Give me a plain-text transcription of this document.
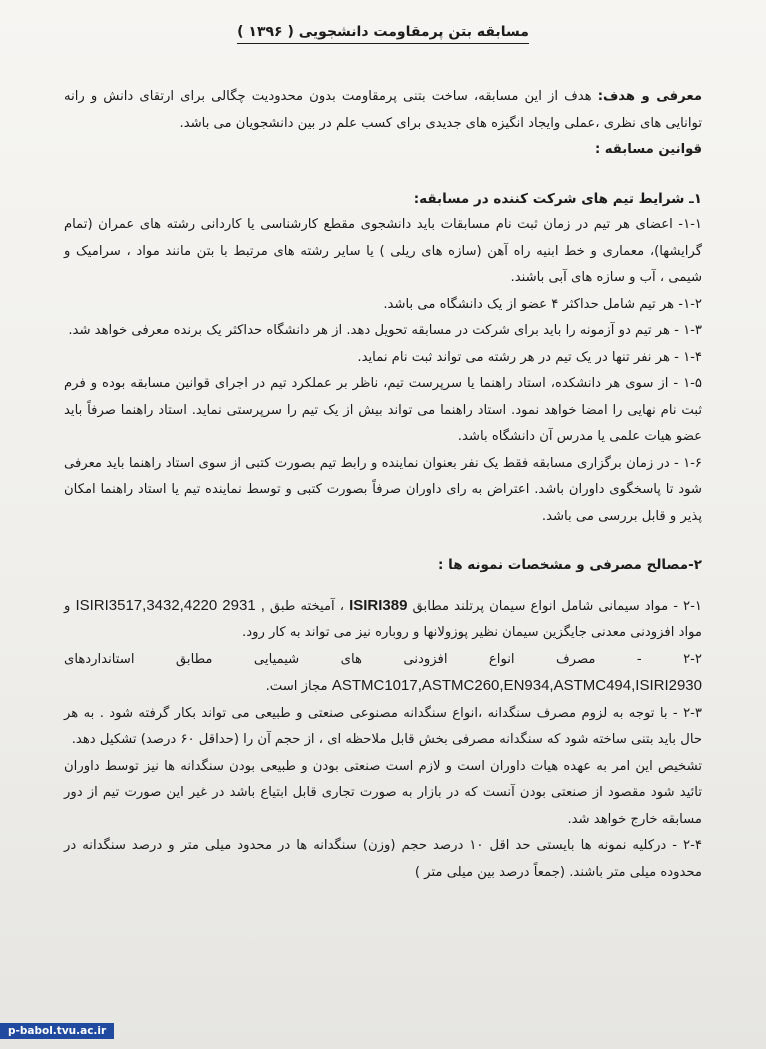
مسابقه بتن پرمقاومت دانشجویی ( ۱۳۹۶ )

معرفی و هدف: هدف از این مسابقه، ساخت بتنی پرمقاومت بدون محدودیت چگالی برای ارتقای دانش و رانه توانایی های نظری ،عملی وایجاد انگیزه های جدیدی برای کسب علم در بین دانشجویان می باشد.

قوانین مسابقه :

۱ـ شرایط تیم های شرکت کننده در مسابقه:

۱-۱- اعضای هر تیم در زمان ثبت نام مسابقات باید دانشجوی مقطع کارشناسی یا کاردانی رشته های عمران (تمام گرایشها)، معماری و خط ابنیه راه آهن (سازه های ریلی ) یا سایر رشته های مرتبط با بتن مانند مواد ، سرامیک و شیمی ، آب و سازه های آبی باشند.

۱-۲- هر تیم شامل حداکثر ۴ عضو از یک دانشگاه می باشد.

۱-۳ - هر تیم دو آزمونه را باید برای شرکت در مسابقه تحویل دهد. از هر دانشگاه حداکثر یک برنده معرفی خواهد شد.

۱-۴ - هر نفر تنها در یک تیم در هر رشته می تواند ثبت نام نماید.

۱-۵ - از سوی هر دانشکده، استاد راهنما یا سرپرست تیم، ناظر بر عملکرد تیم در اجرای قوانین مسابقه بوده و فرم ثبت نام نهایی را امضا خواهد نمود. استاد راهنما می تواند بیش از یک تیم را سرپرستی نماید. استاد راهنما صرفاً باید عضو هیات علمی یا مدرس آن دانشگاه باشد.

۱-۶ - در زمان برگزاری مسابقه فقط یک نفر بعنوان نماینده و رابط تیم بصورت کتبی از سوی استاد راهنما باید معرفی شود تا پاسخگوی داوران باشد. اعتراض به رای داوران صرفاً بصورت کتبی و توسط نماینده تیم یا استاد راهنما امکان پذیر و قابل بررسی می باشد.

۲-مصالح مصرفی و مشخصات نمونه ها :

۲-۱ - مواد سیمانی شامل انواع سیمان پرتلند مطابق ISIRI389 ، آمیخته طبق 2931 , ISIRI3517,3432,4220 و مواد افزودنی معدنی جایگزین سیمان نظیر پوزولانها و روباره نیز می تواند به کار رود.

۲-۲ - مصرف انواع افزودنی های شیمیایی مطابق استانداردهای ASTMC1017,ASTMC260,EN934,ASTMC494,ISIRI2930 مجاز است.

۲-۳ - با توجه به لزوم مصرف سنگدانه ،انواع سنگدانه مصنوعی صنعتی و طبیعی می تواند بکار گرفته شود . به هر حال باید بتنی ساخته شود که سنگدانه مصرفی بخش قابل ملاحظه ای ، از حجم آن را (حداقل ۶۰ درصد) تشکیل دهد.

تشخیص این امر به عهده هیات داوران است و لازم است صنعتی بودن و طبیعی بودن سنگدانه ها نیز توسط داوران تائید شود مقصود از صنعتی بودن آنست که در بازار به صورت تجاری قابل ابتیاع باشد در غیر این صورت تیم از دور مسابقه خارج خواهد شد.

۲-۴ - درکلیه نمونه ها بایستی حد اقل ۱۰ درصد حجم (وزن) سنگدانه ها در محدود میلی متر و درصد سنگدانه در محدوده میلی متر باشند. (جمعاً درصد بین میلی متر )

p-babol.tvu.ac.ir
